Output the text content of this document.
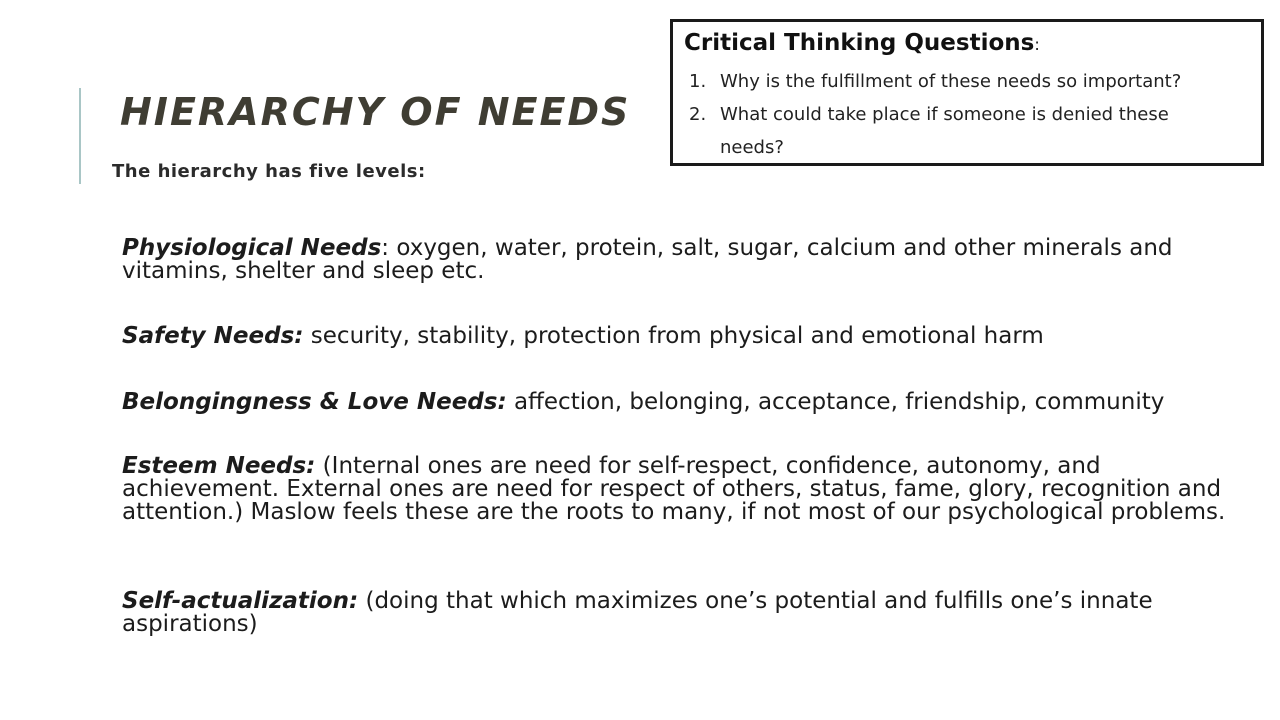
HIERARCHY OF NEEDS
The hierarchy has five levels:
Critical Thinking Questions:
1. Why is the fulfillment of these needs so important?
2. What could take place if someone is denied these
needs?
Physiological Needs: oxygen, water, protein, salt, sugar, calcium and other minerals and vitamins, shelter and sleep etc.
Safety Needs: security, stability, protection from physical and emotional harm
Belongingness & Love Needs: affection, belonging, acceptance, friendship, community
Esteem Needs: (Internal ones are need for self-respect, confidence, autonomy, and achievement. External ones are need for respect of others, status, fame, glory, recognition and attention.) Maslow feels these are the roots to many, if not most of our psychological problems.
Self-actualization: (doing that which maximizes one’s potential and fulfills one’s innate aspirations)
